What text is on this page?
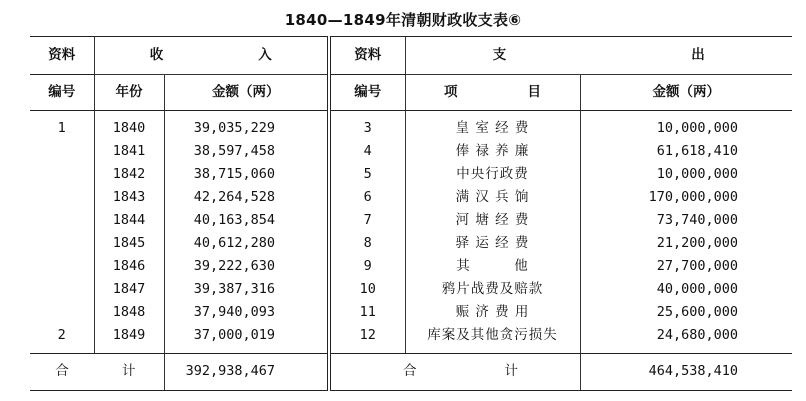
1840—1849年清朝财政收支表⑥
资料	收 入		资料	支 出	
编号	年份	金额（两）	编号	项 目	金额（两）

1	1840	39,035,229	3	皇 室 经 费	10,000,000
	1841	38,597,458	4	俸 禄 养 廉	61,618,410
	1842	38,715,060	5	中央行政费	10,000,000
	1843	42,264,528	6	满 汉 兵 饷	170,000,000
	1844	40,163,854	7	河 塘 经 费	73,740,000
	1845	40,612,280	8	驿 运 经 费	21,200,000
	1846	39,222,630	9	其　　　他	27,700,000
	1847	39,387,316	10	鸦片战费及赔款	40,000,000
	1848	37,940,093	11	赈 济 费 用	25,600,000
2	1849	37,000,019	12	库案及其他贪污损失	24,680,000

合	计	392,938,467	合 计		464,538,410
